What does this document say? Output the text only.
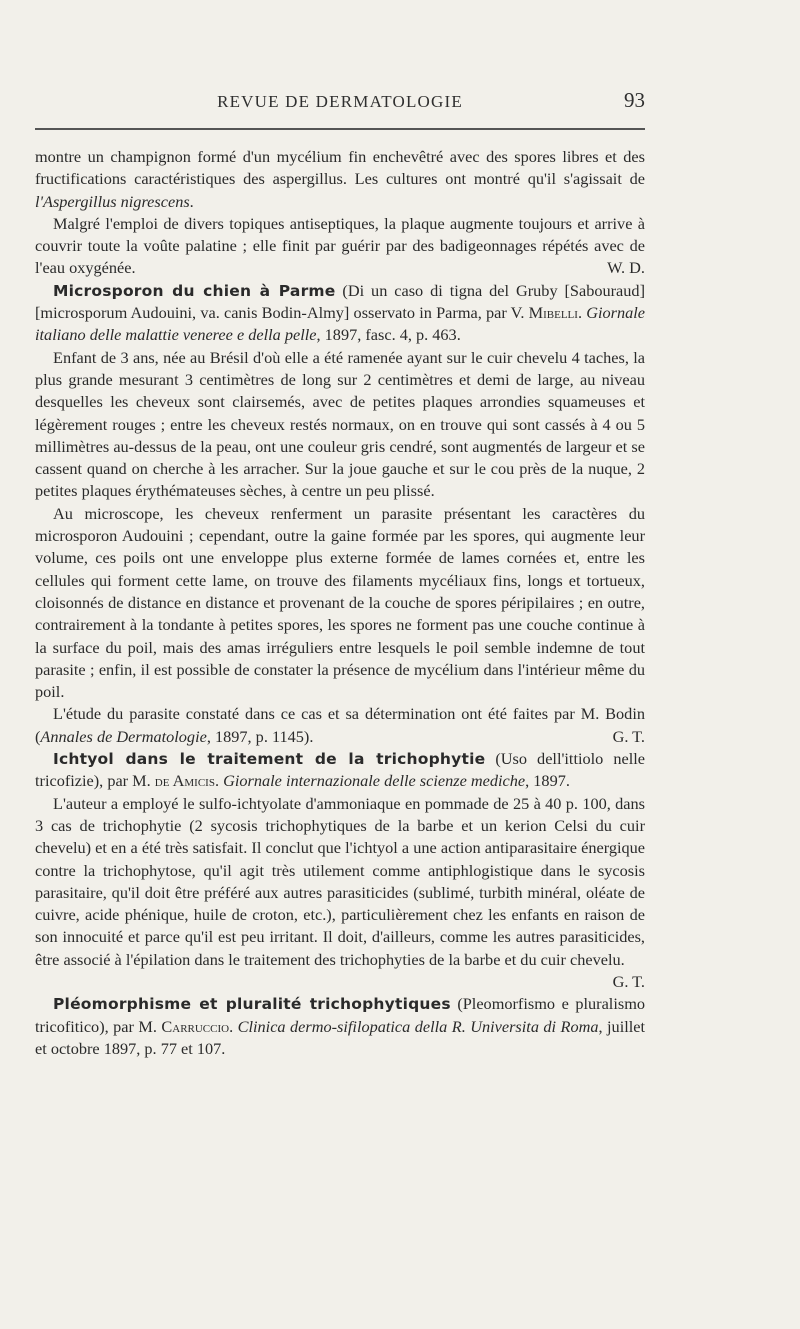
REVUE DE DERMATOLOGIE	93

montre un champignon formé d'un mycélium fin enchevêtré avec des spores libres et des fructifications caractéristiques des aspergillus. Les cultures ont montré qu'il s'agissait de l'Aspergillus nigrescens.

Malgré l'emploi de divers topiques antiseptiques, la plaque augmente toujours et arrive à couvrir toute la voûte palatine ; elle finit par guérir par des badigeonnages répétés avec de l'eau oxygénée.	W. D.

Microsporon du chien à Parme (Di un caso di tigna del Gruby [Sabouraud] [microsporum Audouini, va. canis Bodin-Almy] osservato in Parma, par V. Mibelli. Giornale italiano delle malattie veneree e della pelle, 1897, fasc. 4, p. 463.

Enfant de 3 ans, née au Brésil d'où elle a été ramenée ayant sur le cuir chevelu 4 taches, la plus grande mesurant 3 centimètres de long sur 2 centimètres et demi de large, au niveau desquelles les cheveux sont clairsemés, avec de petites plaques arrondies squameuses et légèrement rouges ; entre les cheveux restés normaux, on en trouve qui sont cassés à 4 ou 5 millimètres au-dessus de la peau, ont une couleur gris cendré, sont augmentés de largeur et se cassent quand on cherche à les arracher. Sur la joue gauche et sur le cou près de la nuque, 2 petites plaques érythémateuses sèches, à centre un peu plissé.

Au microscope, les cheveux renferment un parasite présentant les caractères du microsporon Audouini ; cependant, outre la gaine formée par les spores, qui augmente leur volume, ces poils ont une enveloppe plus externe formée de lames cornées et, entre les cellules qui forment cette lame, on trouve des filaments mycéliaux fins, longs et tortueux, cloisonnés de distance en distance et provenant de la couche de spores péripilaires ; en outre, contrairement à la tondante à petites spores, les spores ne forment pas une couche continue à la surface du poil, mais des amas irréguliers entre lesquels le poil semble indemne de tout parasite ; enfin, il est possible de constater la présence de mycélium dans l'intérieur même du poil.

L'étude du parasite constaté dans ce cas et sa détermination ont été faites par M. Bodin (Annales de Dermatologie, 1897, p. 1145).	G. T.

Ichtyol dans le traitement de la trichophytie (Uso dell'ittiolo nelle tricofizie), par M. de Amicis. Giornale internazionale delle scienze mediche, 1897.

L'auteur a employé le sulfo-ichtyolate d'ammoniaque en pommade de 25 à 40 p. 100, dans 3 cas de trichophytie (2 sycosis trichophytiques de la barbe et un kerion Celsi du cuir chevelu) et en a été très satisfait. Il conclut que l'ichtyol a une action antiparasitaire énergique contre la trichophytose, qu'il agit très utilement comme antiphlogistique dans le sycosis parasitaire, qu'il doit être préféré aux autres parasiticides (sublimé, turbith minéral, oléate de cuivre, acide phénique, huile de croton, etc.), particulièrement chez les enfants en raison de son innocuité et parce qu'il est peu irritant. Il doit, d'ailleurs, comme les autres parasiticides, être associé à l'épilation dans le traitement des trichophyties de la barbe et du cuir chevelu.
G. T.

Pléomorphisme et pluralité trichophytiques (Pleomorfismo e pluralismo tricofitico), par M. Carruccio. Clinica dermo-sifilopatica della R. Universita di Roma, juillet et octobre 1897, p. 77 et 107.
